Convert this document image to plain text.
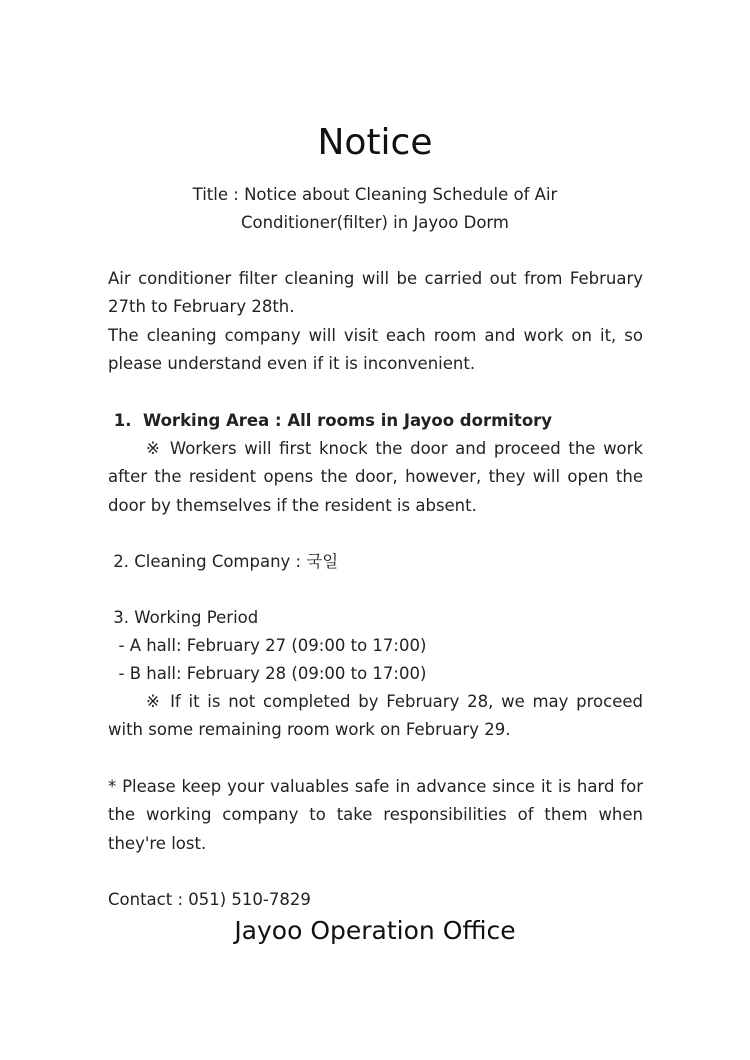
Notice
Title : Notice about Cleaning Schedule of Air
Conditioner(filter) in Jayoo Dorm
Air conditioner filter cleaning will be carried out from February 27th to February 28th.
The cleaning company will visit each room and work on it, so please understand even if it is inconvenient.
1.  Working Area : All rooms in Jayoo dormitory
※ Workers will first knock the door and proceed the work after the resident opens the door, however, they will open the door by themselves if the resident is absent.
2. Cleaning Company : 국일
3. Working Period
- A hall: February 27 (09:00 to 17:00)
- B hall: February 28 (09:00 to 17:00)
※ If it is not completed by February 28, we may proceed with some remaining room work on February 29.
* Please keep your valuables safe in advance since it is hard for the working company to take responsibilities of them when they're lost.
Contact : 051) 510-7829
Jayoo Operation Office
